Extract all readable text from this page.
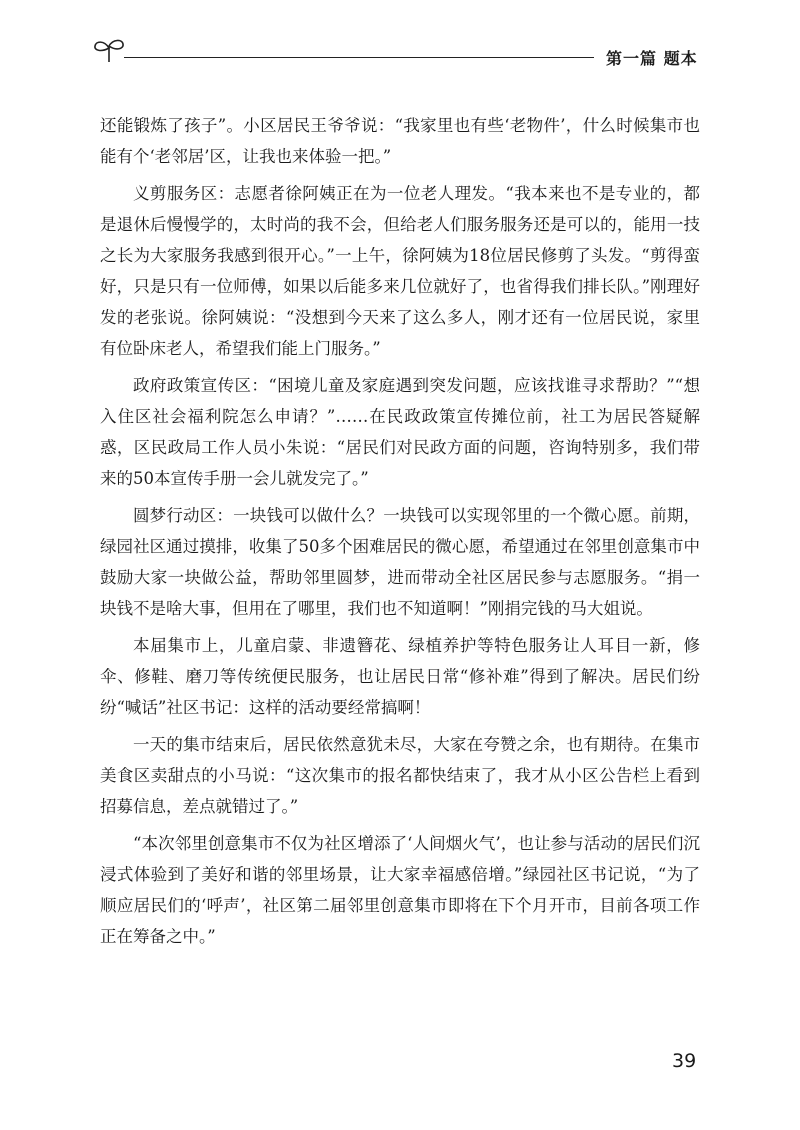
第一篇 题本

还能锻炼了孩子”。小区居民王爷爷说：“我家里也有些‘老物件’，什么时候集市也能有个‘老邻居’区，让我也来体验一把。”

义剪服务区：志愿者徐阿姨正在为一位老人理发。“我本来也不是专业的，都是退休后慢慢学的，太时尚的我不会，但给老人们服务服务还是可以的，能用一技之长为大家服务我感到很开心。”一上午，徐阿姨为18位居民修剪了头发。“剪得蛮好，只是只有一位师傅，如果以后能多来几位就好了，也省得我们排长队。”刚理好发的老张说。徐阿姨说：“没想到今天来了这么多人，刚才还有一位居民说，家里有位卧床老人，希望我们能上门服务。”

政府政策宣传区：“困境儿童及家庭遇到突发问题，应该找谁寻求帮助？”“想入住区社会福利院怎么申请？”……在民政政策宣传摊位前，社工为居民答疑解惑，区民政局工作人员小朱说：“居民们对民政方面的问题，咨询特别多，我们带来的50本宣传手册一会儿就发完了。”

圆梦行动区：一块钱可以做什么？一块钱可以实现邻里的一个微心愿。前期，绿园社区通过摸排，收集了50多个困难居民的微心愿，希望通过在邻里创意集市中鼓励大家一块做公益，帮助邻里圆梦，进而带动全社区居民参与志愿服务。“捐一块钱不是啥大事，但用在了哪里，我们也不知道啊！”刚捐完钱的马大姐说。

本届集市上，儿童启蒙、非遗簪花、绿植养护等特色服务让人耳目一新，修伞、修鞋、磨刀等传统便民服务，也让居民日常“修补难”得到了解决。居民们纷纷“喊话”社区书记：这样的活动要经常搞啊！

一天的集市结束后，居民依然意犹未尽，大家在夸赞之余，也有期待。在集市美食区卖甜点的小马说：“这次集市的报名都快结束了，我才从小区公告栏上看到招募信息，差点就错过了。”

“本次邻里创意集市不仅为社区增添了‘人间烟火气’，也让参与活动的居民们沉浸式体验到了美好和谐的邻里场景，让大家幸福感倍增。”绿园社区书记说，“为了顺应居民们的‘呼声’，社区第二届邻里创意集市即将在下个月开市，目前各项工作正在筹备之中。”

39
